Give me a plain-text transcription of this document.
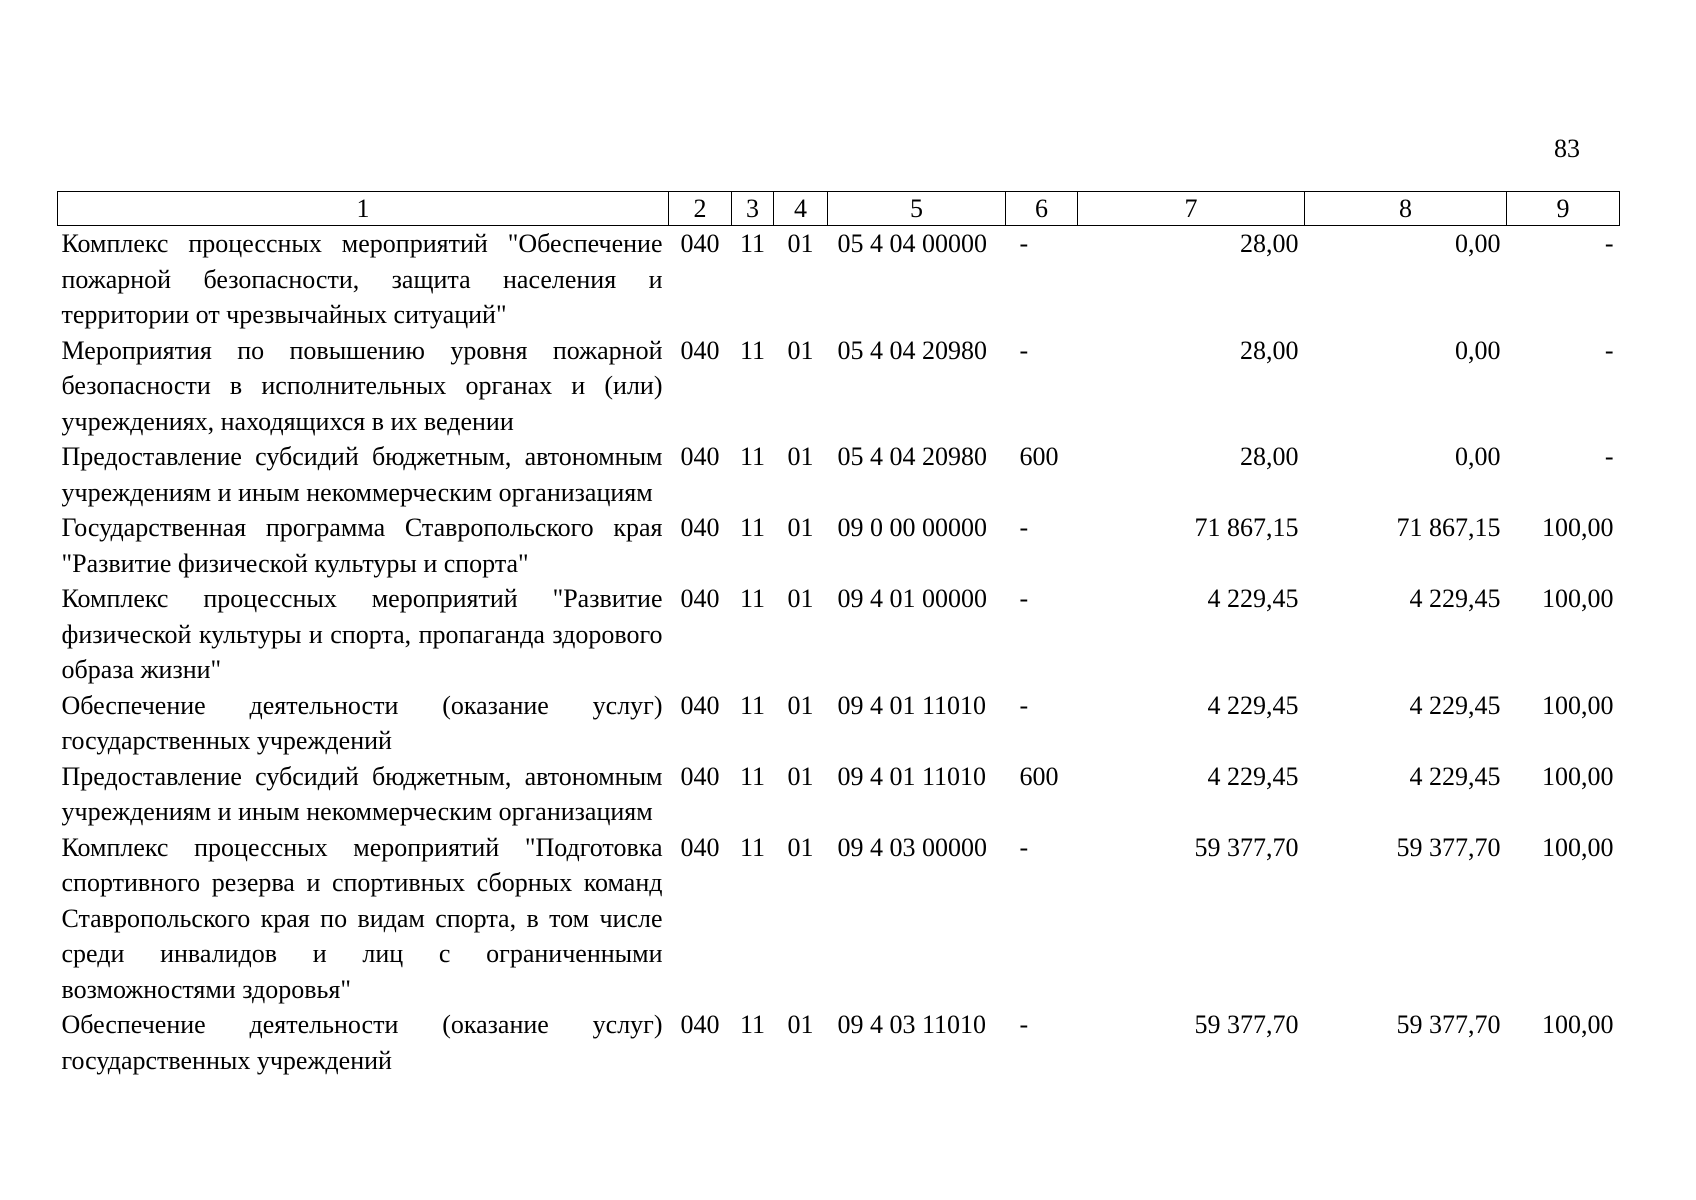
83
1	2	3	4	5	6	7	8	9
Комплекс процессных мероприятий "Обеспечение пожарной безопасности, защита населения и территории от чрезвычайных ситуаций"	040	11	01	05 4 04 00000	-	28,00	0,00	-
Мероприятия по повышению уровня пожарной безопасности в исполнительных органах и (или) учреждениях, находящихся в их ведении	040	11	01	05 4 04 20980	-	28,00	0,00	-
Предоставление субсидий бюджетным, автономным учреждениям и иным некоммерческим организациям	040	11	01	05 4 04 20980	600	28,00	0,00	-
Государственная программа Ставропольского края "Развитие физической культуры и спорта"	040	11	01	09 0 00 00000	-	71 867,15	71 867,15	100,00
Комплекс процессных мероприятий "Развитие физической культуры и спорта, пропаганда здорового образа жизни"	040	11	01	09 4 01 00000	-	4 229,45	4 229,45	100,00
Обеспечение деятельности (оказание услуг) государственных учреждений	040	11	01	09 4 01 11010	-	4 229,45	4 229,45	100,00
Предоставление субсидий бюджетным, автономным учреждениям и иным некоммерческим организациям	040	11	01	09 4 01 11010	600	4 229,45	4 229,45	100,00
Комплекс процессных мероприятий "Подготовка спортивного резерва и спортивных сборных команд Ставропольского края по видам спорта, в том числе среди инвалидов и лиц с ограниченными возможностями здоровья"	040	11	01	09 4 03 00000	-	59 377,70	59 377,70	100,00
Обеспечение деятельности (оказание услуг) государственных учреждений	040	11	01	09 4 03 11010	-	59 377,70	59 377,70	100,00
